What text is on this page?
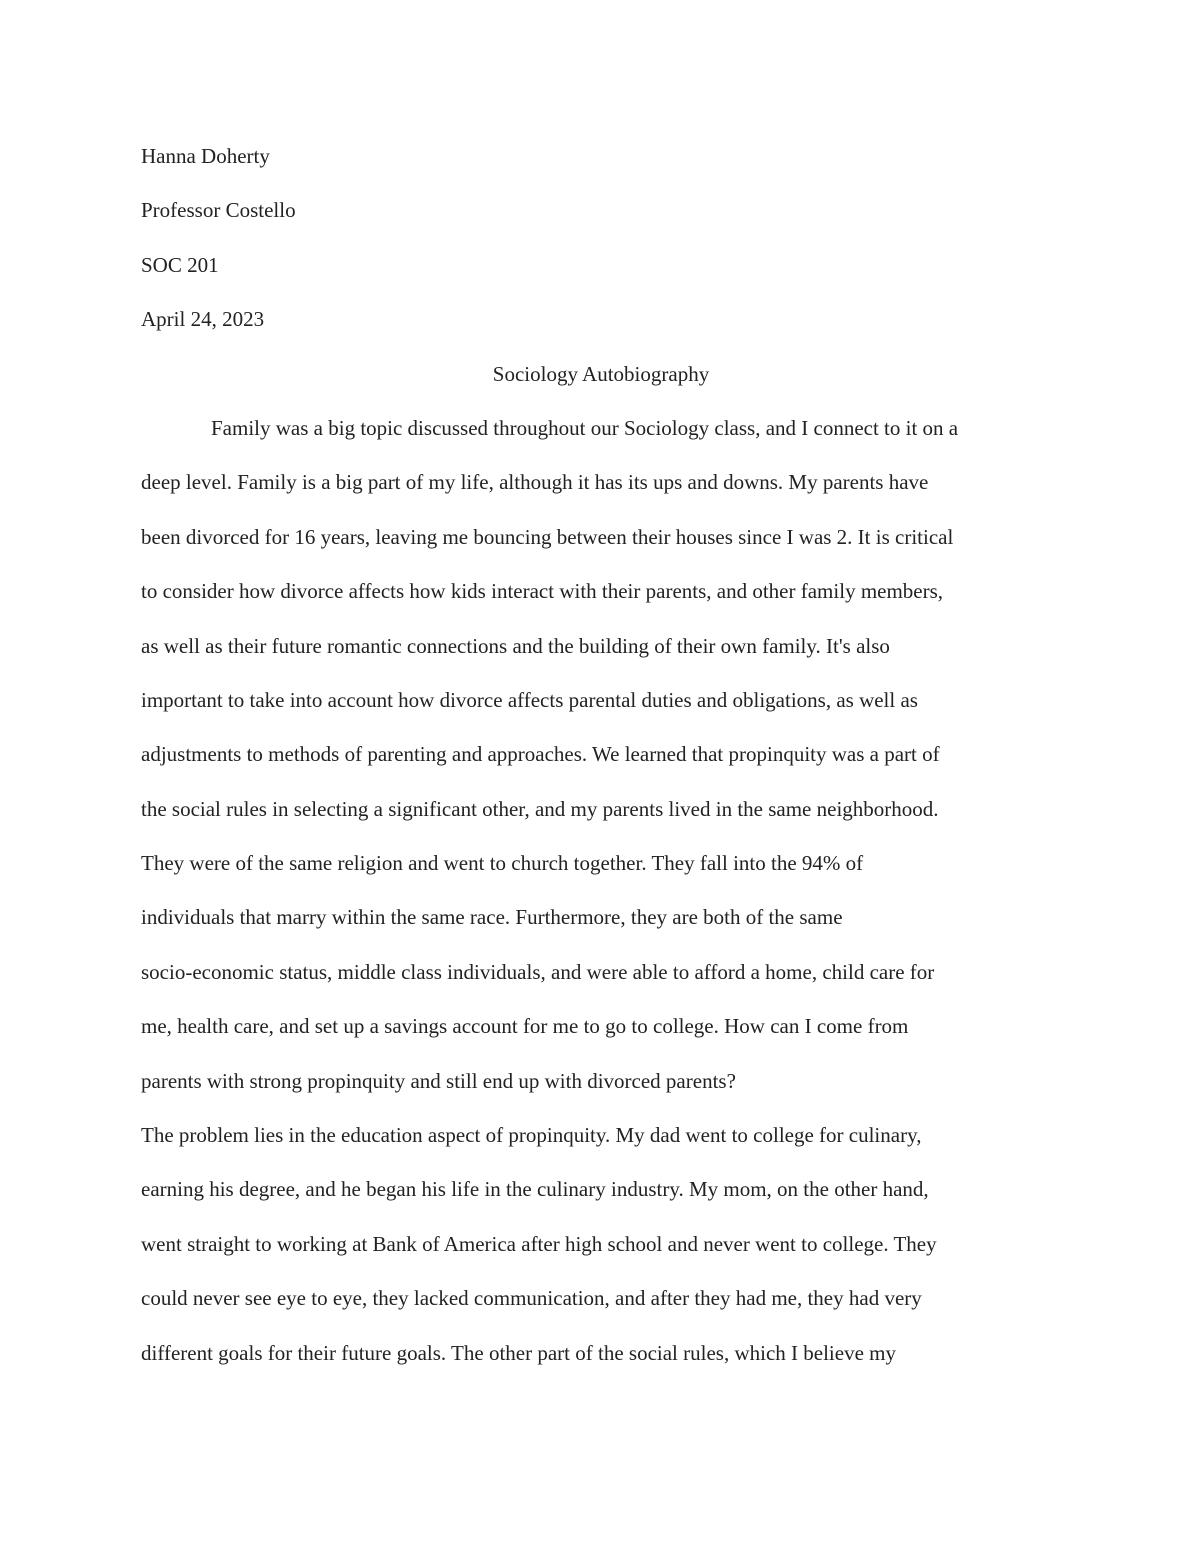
Hanna Doherty
Professor Costello
SOC 201
April 24, 2023
Sociology Autobiography
Family was a big topic discussed throughout our Sociology class, and I connect to it on a
deep level. Family is a big part of my life, although it has its ups and downs. My parents have
been divorced for 16 years, leaving me bouncing between their houses since I was 2. It is critical
to consider how divorce affects how kids interact with their parents, and other family members,
as well as their future romantic connections and the building of their own family. It's also
important to take into account how divorce affects parental duties and obligations, as well as
adjustments to methods of parenting and approaches. We learned that propinquity was a part of
the social rules in selecting a significant other, and my parents lived in the same neighborhood.
They were of the same religion and went to church together. They fall into the 94% of
individuals that marry within the same race. Furthermore, they are both of the same
socio-economic status, middle class individuals, and were able to afford a home, child care for
me, health care, and set up a savings account for me to go to college. How can I come from
parents with strong propinquity and still end up with divorced parents?
The problem lies in the education aspect of propinquity. My dad went to college for culinary,
earning his degree, and he began his life in the culinary industry. My mom, on the other hand,
went straight to working at Bank of America after high school and never went to college. They
could never see eye to eye, they lacked communication, and after they had me, they had very
different goals for their future goals. The other part of the social rules, which I believe my
